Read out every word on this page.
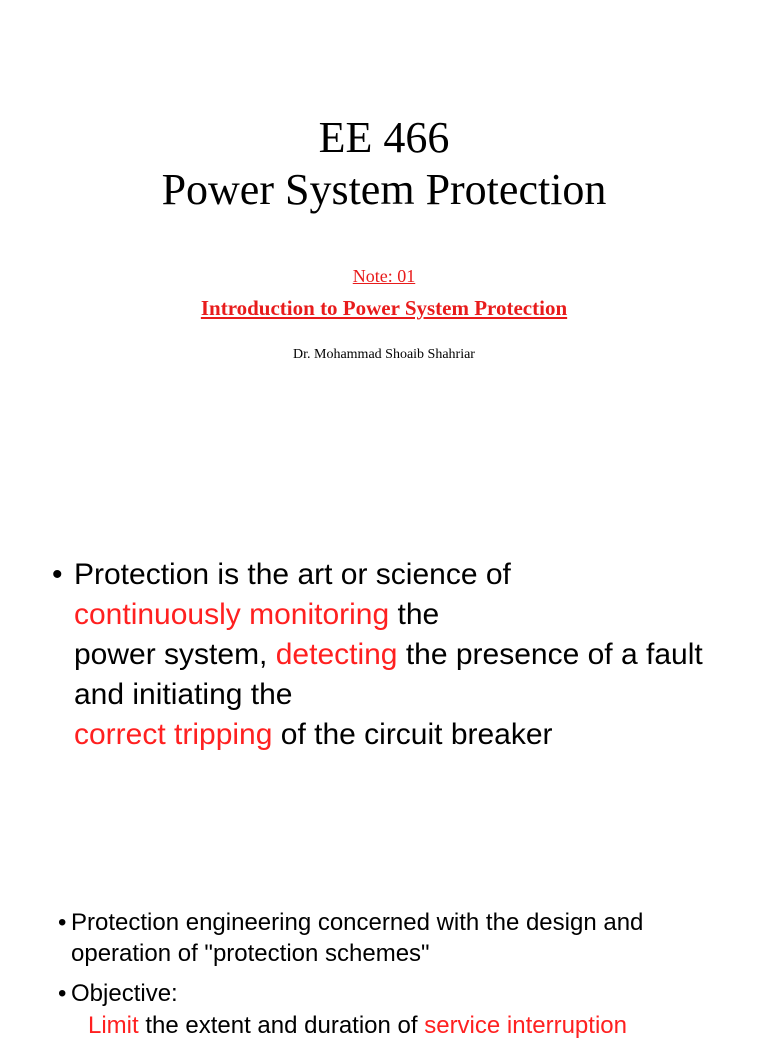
EE 466
Power System Protection
Note: 01
Introduction to Power System Protection
Dr. Mohammad Shoaib Shahriar
• Protection is the art or science of
continuously monitoring the
power system, detecting the presence of a fault and initiating the
correct tripping of the circuit breaker
• Protection engineering concerned with the design and operation of "protection schemes"
• Objective:
Limit the extent and duration of service interruption
